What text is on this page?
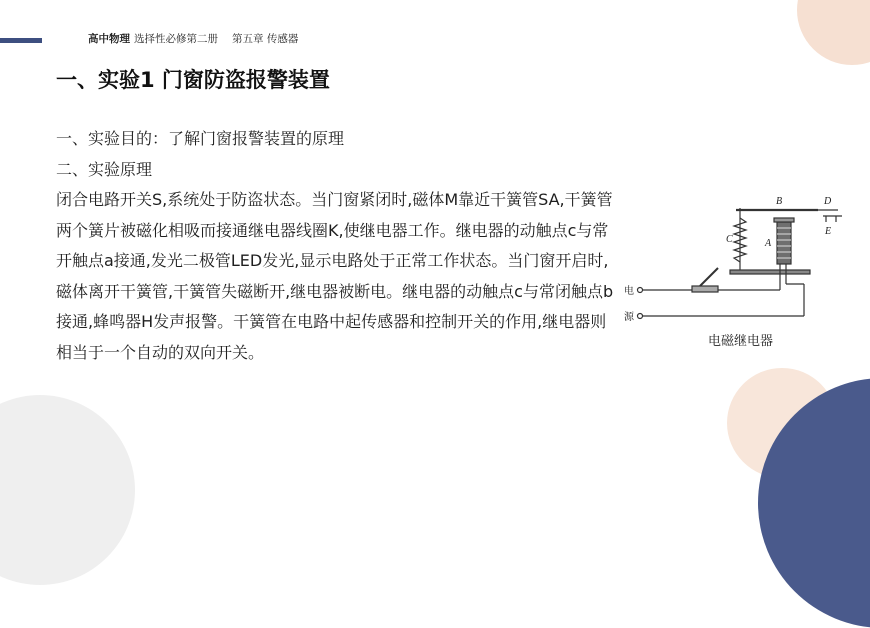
高中物理 选择性必修第二册 第五章 传感器
一、实验1 门窗防盗报警装置

一、实验目的：了解门窗报警装置的原理

二、实验原理

闭合电路开关S,系统处于防盗状态。当门窗紧闭时,磁体M靠近干簧管SA,干簧管两个簧片被磁化相吸而接通继电器线圈K,使继电器工作。继电器的动触点c与常开触点a接通,发光二极管LED发光,显示电路处于正常工作状态。当门窗开启时,磁体离开干簧管,干簧管失磁断开,继电器被断电。继电器的动触点c与常闭触点b接通,蜂鸣器H发声报警。干簧管在电路中起传感器和控制开关的作用,继电器则相当于一个自动的双向开关。

B	D
C	A
E
电
源
电磁继电器
